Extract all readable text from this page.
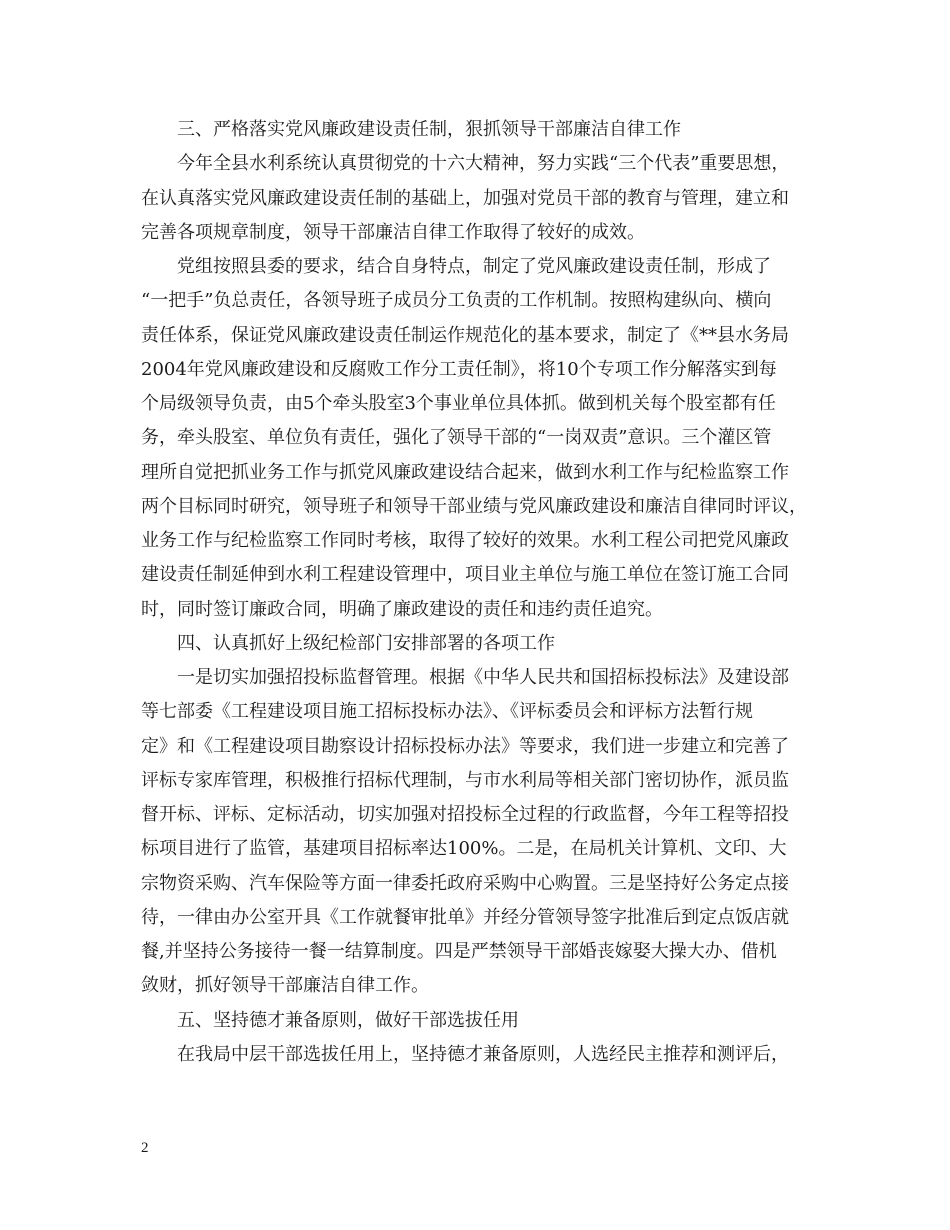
三、严格落实党风廉政建设责任制，狠抓领导干部廉洁自律工作
今年全县水利系统认真贯彻党的十六大精神，努力实践“三个代表”重要思想，
在认真落实党风廉政建设责任制的基础上，加强对党员干部的教育与管理，建立和
完善各项规章制度，领导干部廉洁自律工作取得了较好的成效。
党组按照县委的要求，结合自身特点，制定了党风廉政建设责任制，形成了
“一把手”负总责任，各领导班子成员分工负责的工作机制。按照构建纵向、横向
责任体系，保证党风廉政建设责任制运作规范化的基本要求，制定了《**县水务局
2004年党风廉政建设和反腐败工作分工责任制》，将10个专项工作分解落实到每
个局级领导负责，由5个牵头股室3个事业单位具体抓。做到机关每个股室都有任
务，牵头股室、单位负有责任，强化了领导干部的“一岗双责”意识。三个灌区管
理所自觉把抓业务工作与抓党风廉政建设结合起来，做到水利工作与纪检监察工作
两个目标同时研究，领导班子和领导干部业绩与党风廉政建设和廉洁自律同时评议，
业务工作与纪检监察工作同时考核，取得了较好的效果。水利工程公司把党风廉政
建设责任制延伸到水利工程建设管理中，项目业主单位与施工单位在签订施工合同
时，同时签订廉政合同，明确了廉政建设的责任和违约责任追究。
四、认真抓好上级纪检部门安排部署的各项工作
一是切实加强招投标监督管理。根据《中华人民共和国招标投标法》及建设部
等七部委《工程建设项目施工招标投标办法》、《评标委员会和评标方法暂行规
定》和《工程建设项目勘察设计招标投标办法》等要求，我们进一步建立和完善了
评标专家库管理，积极推行招标代理制，与市水利局等相关部门密切协作，派员监
督开标、评标、定标活动，切实加强对招投标全过程的行政监督，今年工程等招投
标项目进行了监管，基建项目招标率达100%。二是，在局机关计算机、文印、大
宗物资采购、汽车保险等方面一律委托政府采购中心购置。三是坚持好公务定点接
待，一律由办公室开具《工作就餐审批单》并经分管领导签字批准后到定点饭店就
餐,并坚持公务接待一餐一结算制度。四是严禁领导干部婚丧嫁娶大操大办、借机
敛财，抓好领导干部廉洁自律工作。
五、坚持德才兼备原则，做好干部选拔任用
在我局中层干部选拔任用上，坚持德才兼备原则，人选经民主推荐和测评后，
2
